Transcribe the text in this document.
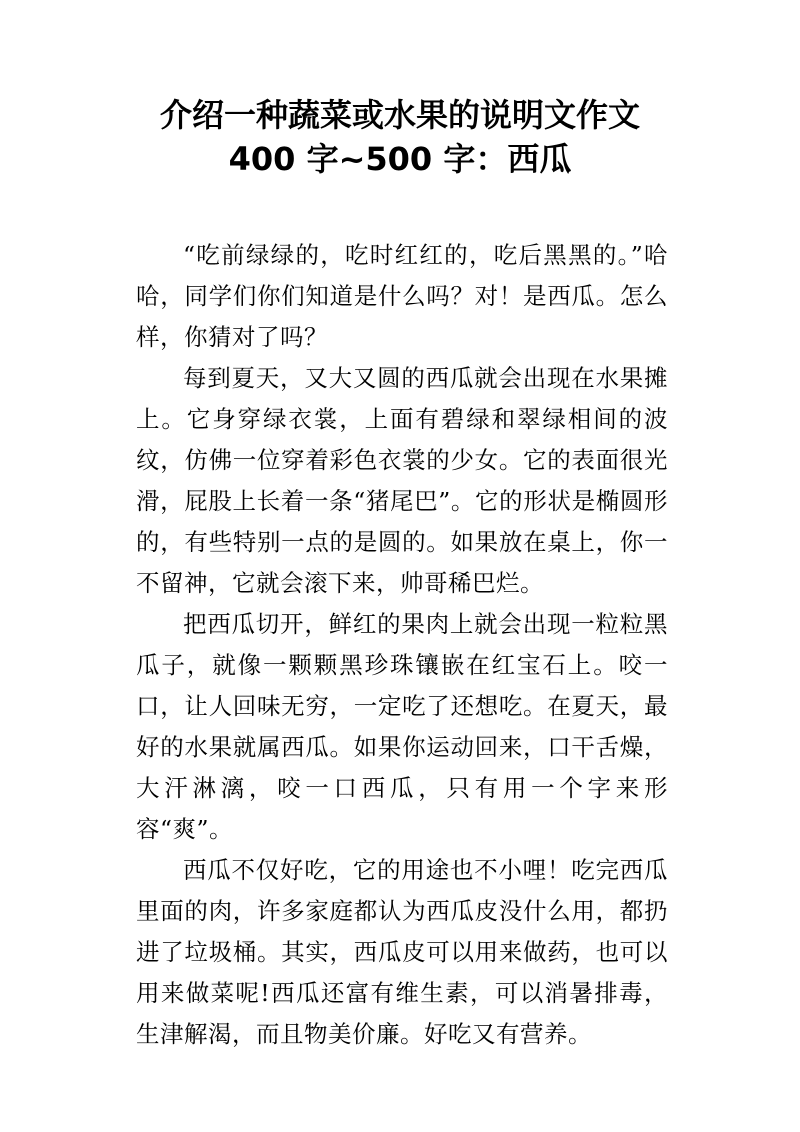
介绍一种蔬菜或水果的说明文作文
400 字~500 字：西瓜

“吃前绿绿的，吃时红红的，吃后黑黑的。”哈哈，同学们你们知道是什么吗？对！是西瓜。怎么样，你猜对了吗？

每到夏天，又大又圆的西瓜就会出现在水果摊上。它身穿绿衣裳，上面有碧绿和翠绿相间的波纹，仿佛一位穿着彩色衣裳的少女。它的表面很光滑，屁股上长着一条“猪尾巴”。它的形状是椭圆形的，有些特别一点的是圆的。如果放在桌上，你一不留神，它就会滚下来，帅哥稀巴烂。

把西瓜切开，鲜红的果肉上就会出现一粒粒黑瓜子，就像一颗颗黑珍珠镶嵌在红宝石上。咬一口，让人回味无穷，一定吃了还想吃。在夏天，最好的水果就属西瓜。如果你运动回来，口干舌燥，大汗淋漓，咬一口西瓜，只有用一个字来形容“爽”。

西瓜不仅好吃，它的用途也不小哩！吃完西瓜里面的肉，许多家庭都认为西瓜皮没什么用，都扔进了垃圾桶。其实，西瓜皮可以用来做药，也可以用来做菜呢!西瓜还富有维生素，可以消暑排毒，生津解渴，而且物美价廉。好吃又有营养。
